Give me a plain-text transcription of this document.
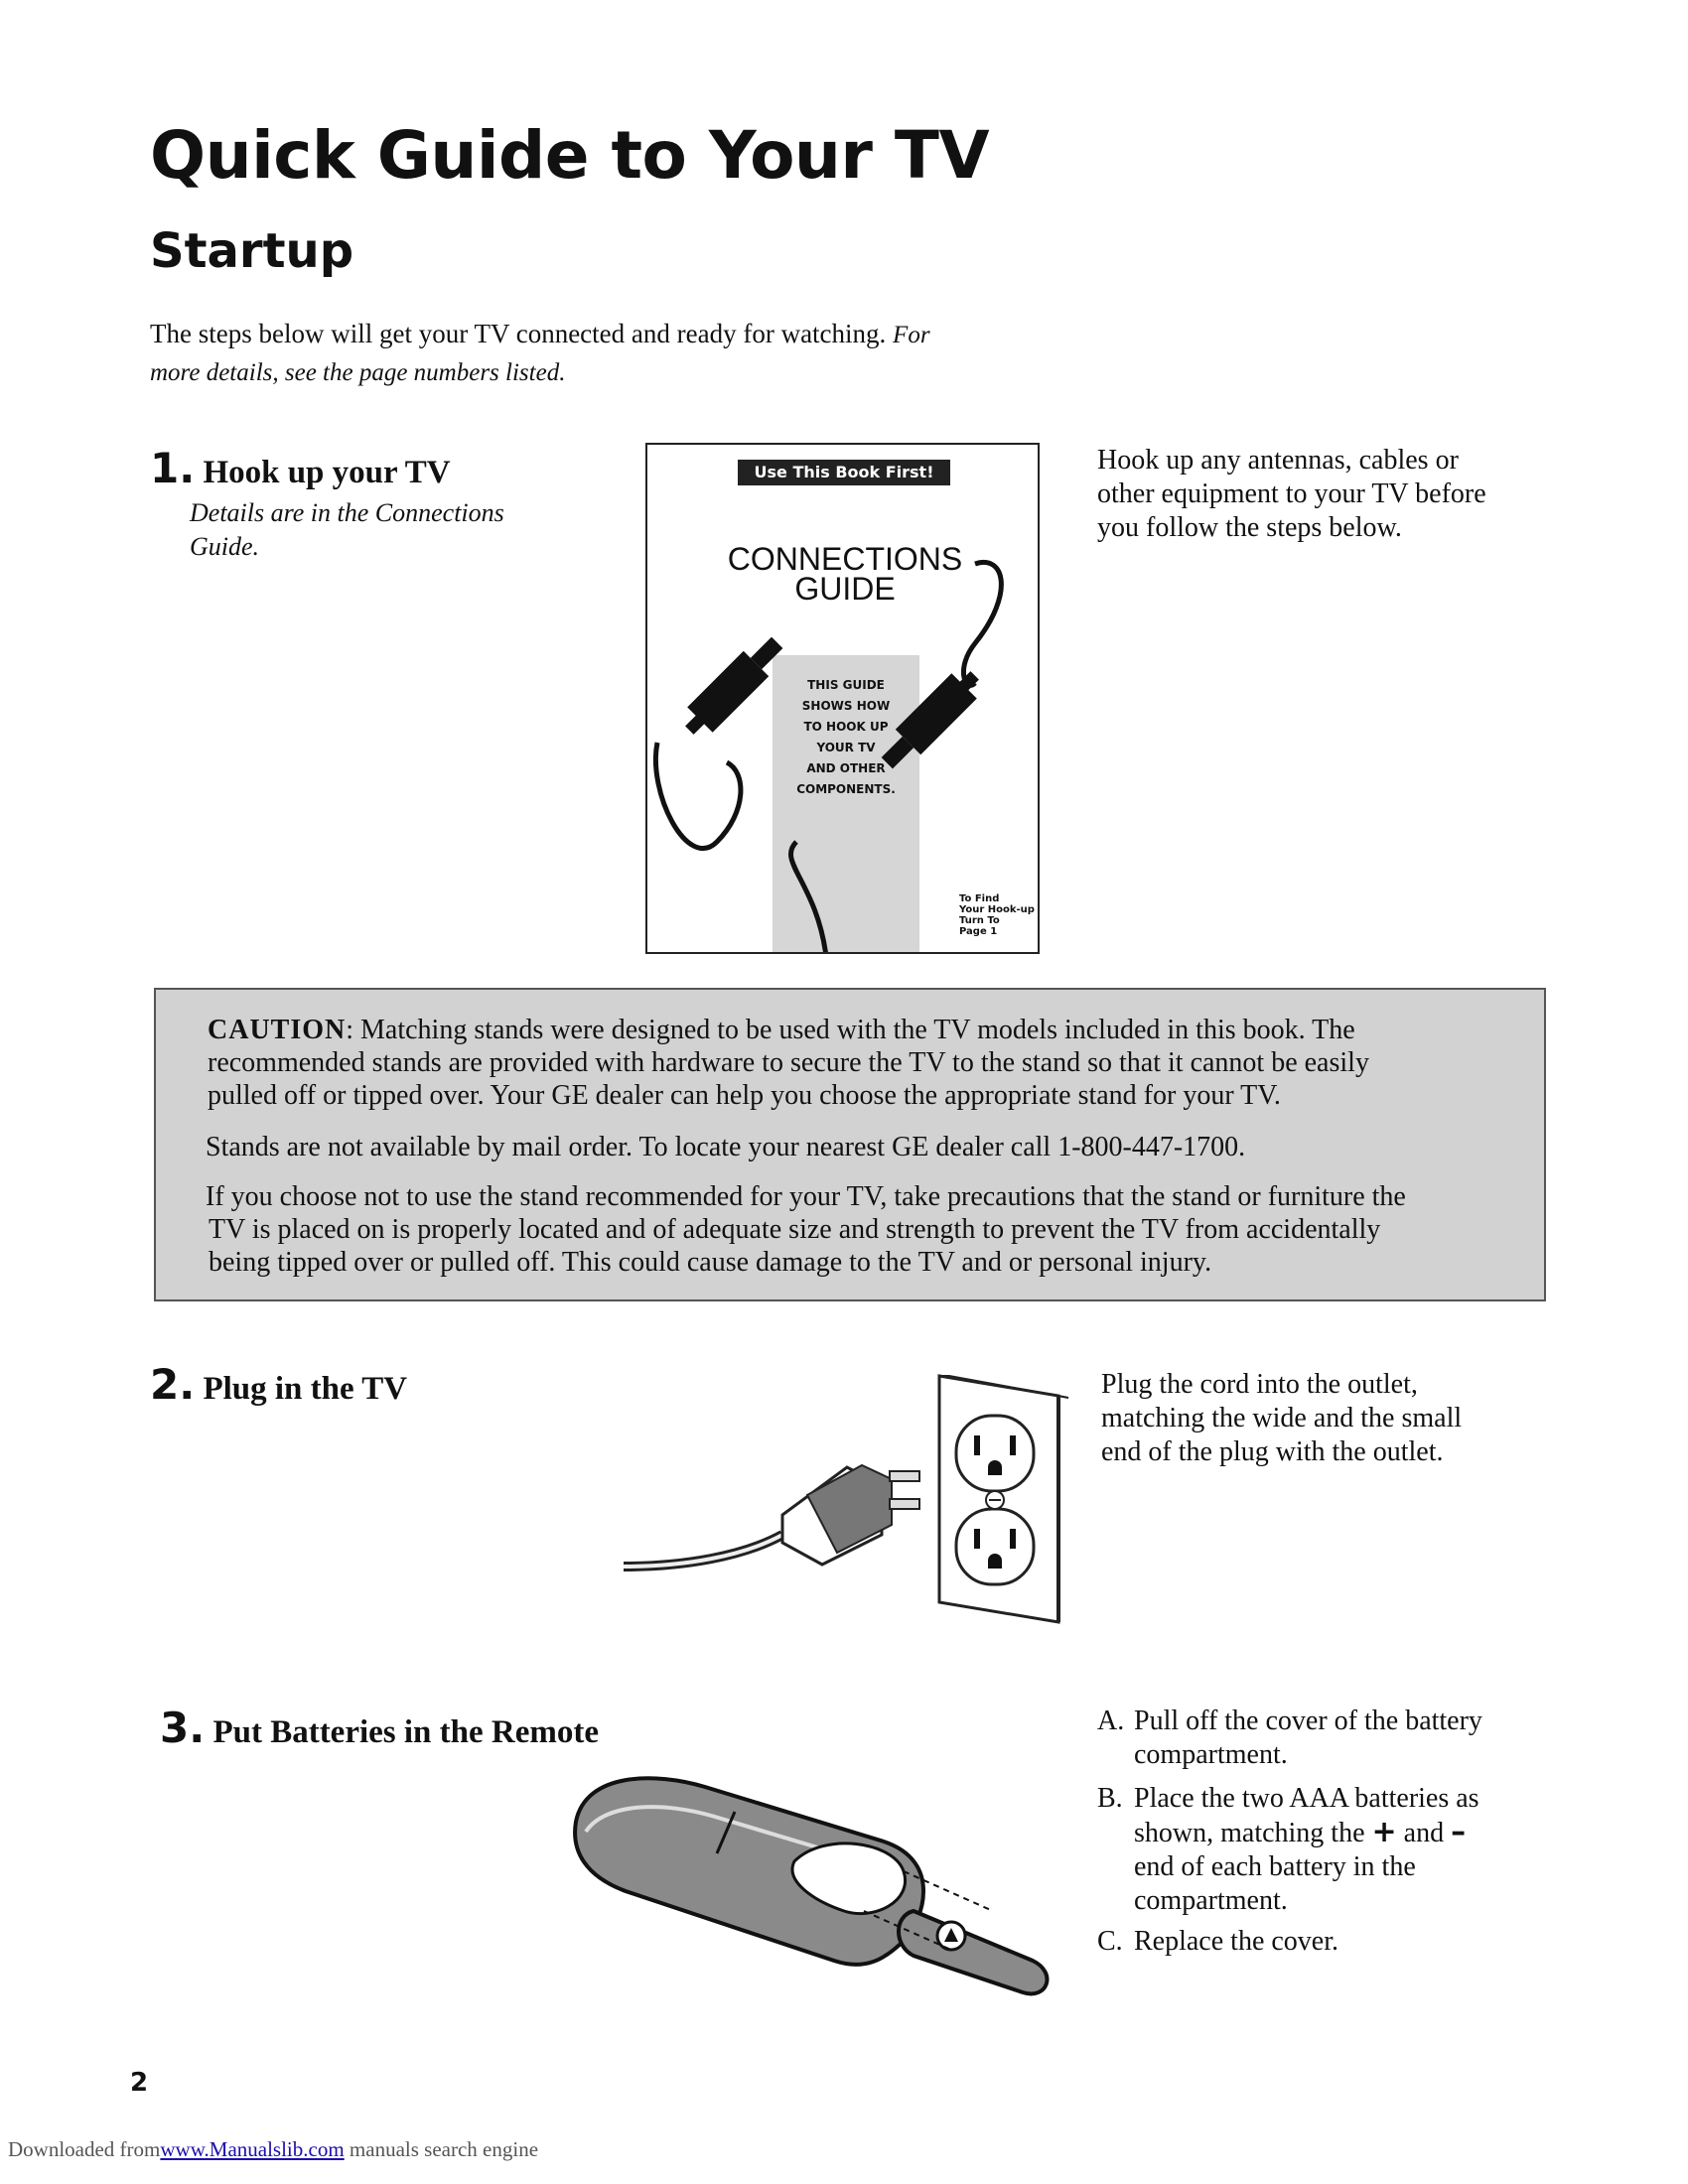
Quick Guide to Your TV
Startup
The steps below will get your TV connected and ready for watching. For
more details, see the page numbers listed.
1. Hook up your TV
Details are in the Connections
Guide.
Use This Book First!
CONNECTIONS
GUIDE
THIS GUIDE
SHOWS HOW
TO HOOK UP
YOUR TV
AND OTHER
COMPONENTS.
To Find
Your Hook-up
Turn To
Page 1
Hook up any antennas, cables or
other equipment to your TV before
you follow the steps below.

CAUTION: Matching stands were designed to be used with the TV models included in this book. The
recommended stands are provided with hardware to secure the TV to the stand so that it cannot be easily
pulled off or tipped over. Your GE dealer can help you choose the appropriate stand for your TV.

Stands are not available by mail order. To locate your nearest GE dealer call 1-800-447-1700.

If you choose not to use the stand recommended for your TV, take precautions that the stand or furniture the
TV is placed on is properly located and of adequate size and strength to prevent the TV from accidentally
being tipped over or pulled off. This could cause damage to the TV and or personal injury.

2. Plug in the TV	Plug the cord into the outlet,
matching the wide and the small
end of the plug with the outlet.
3. Put Batteries in the Remote	A. Pull off the cover of the battery
compartment.
B. Place the two AAA batteries as
shown, matching the + and –
end of each battery in the
compartment.
C. Replace the cover.
2
Downloaded fromwww.Manualslib.com manuals search engine
